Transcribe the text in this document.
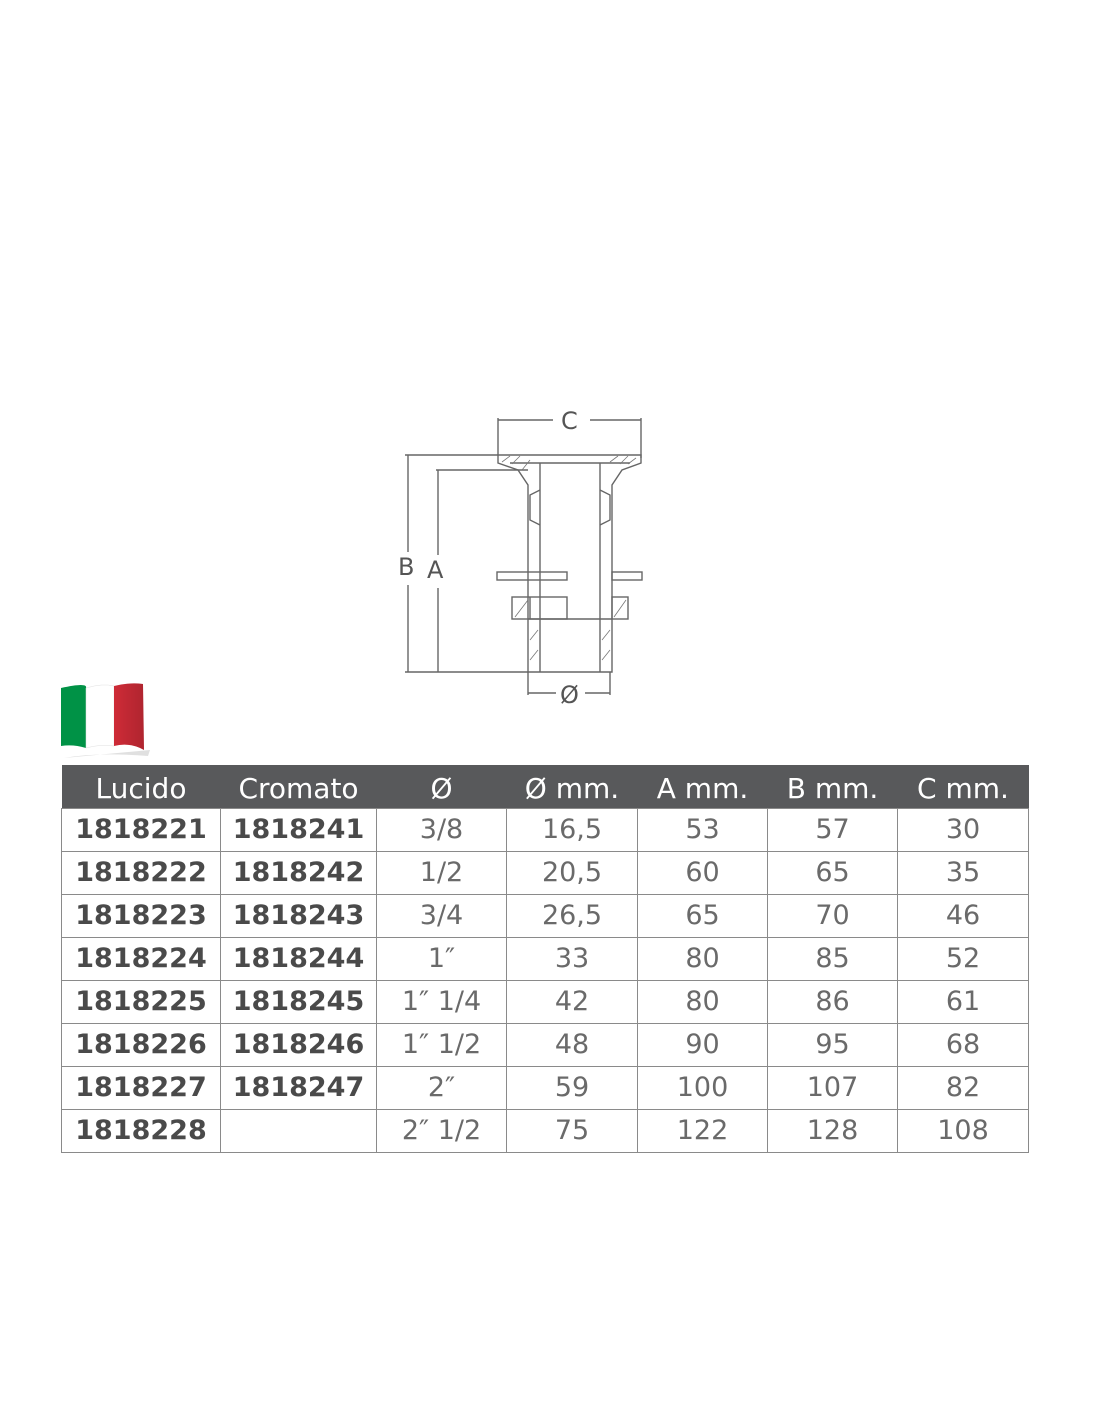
C
B A
Ø
Lucido	Cromato	Ø	Ø mm.	A mm.	B mm.	C mm.
1818221	1818241	3/8	16,5	53	57	30
1818222	1818242	1/2	20,5	60	65	35
1818223	1818243	3/4	26,5	65	70	46
1818224	1818244	1″	33	80	85	52
1818225	1818245	1″ 1/4	42	80	86	61
1818226	1818246	1″ 1/2	48	90	95	68
1818227	1818247	2″	59	100	107	82
1818228		2″ 1/2	75	122	128	108
